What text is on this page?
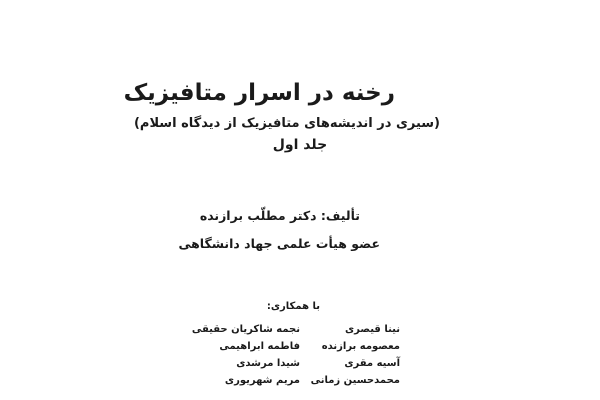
رخنه در اسرار متافیزیک
(سیری در اندیشه‌های متافیزیک از دیدگاه اسلام)
جلد اول
تألیف: دکتر مطلّب برازنده
عضو هیأت علمی جهاد دانشگاهی
با همکاری:
نینا قیصری
معصومه برازنده
آسیه مقری
محمدحسین زمانی
نجمه شاکریان حقیقی
فاطمه ابراهیمی
شیدا مرشدی
مریم شهریوری
